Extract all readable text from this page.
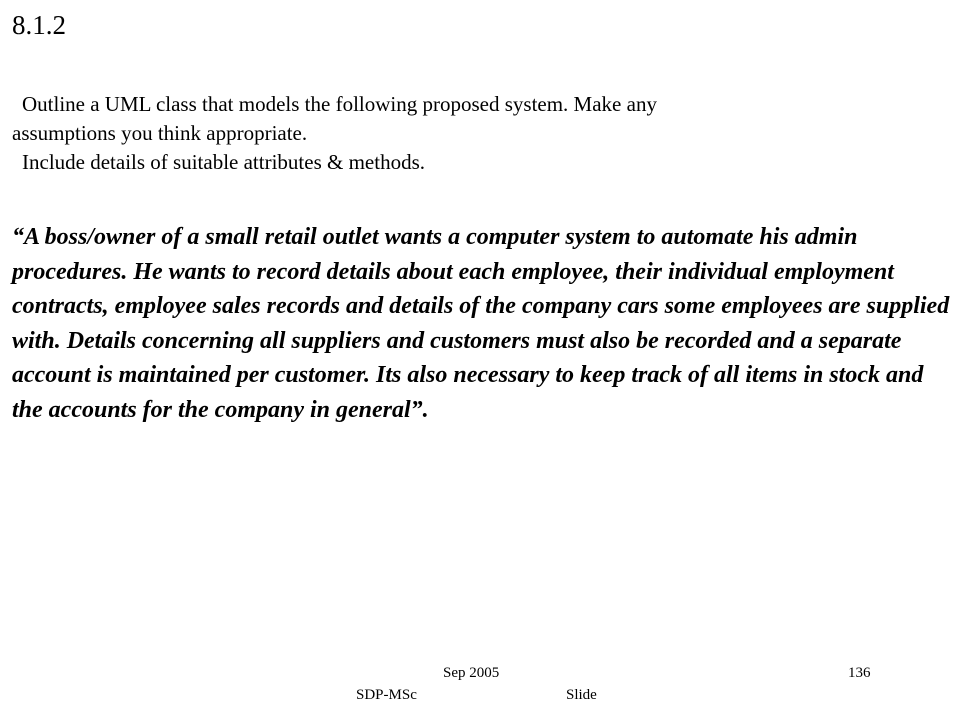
8.1.2

Outline a UML class that models the following proposed system. Make any

assumptions you think appropriate.

Include details of suitable attributes & methods.

“A boss/owner of a small retail outlet wants a computer system to automate his admin procedures. He wants to record details about each employee, their individual employment contracts, employee sales records and details of the company cars some employees are supplied with. Details concerning all suppliers and customers must also be recorded and a separate account is maintained per customer. Its also necessary to keep track of all items in stock and the accounts for the company in general”.

Sep 2005	136
SDP-MSc	Slide
